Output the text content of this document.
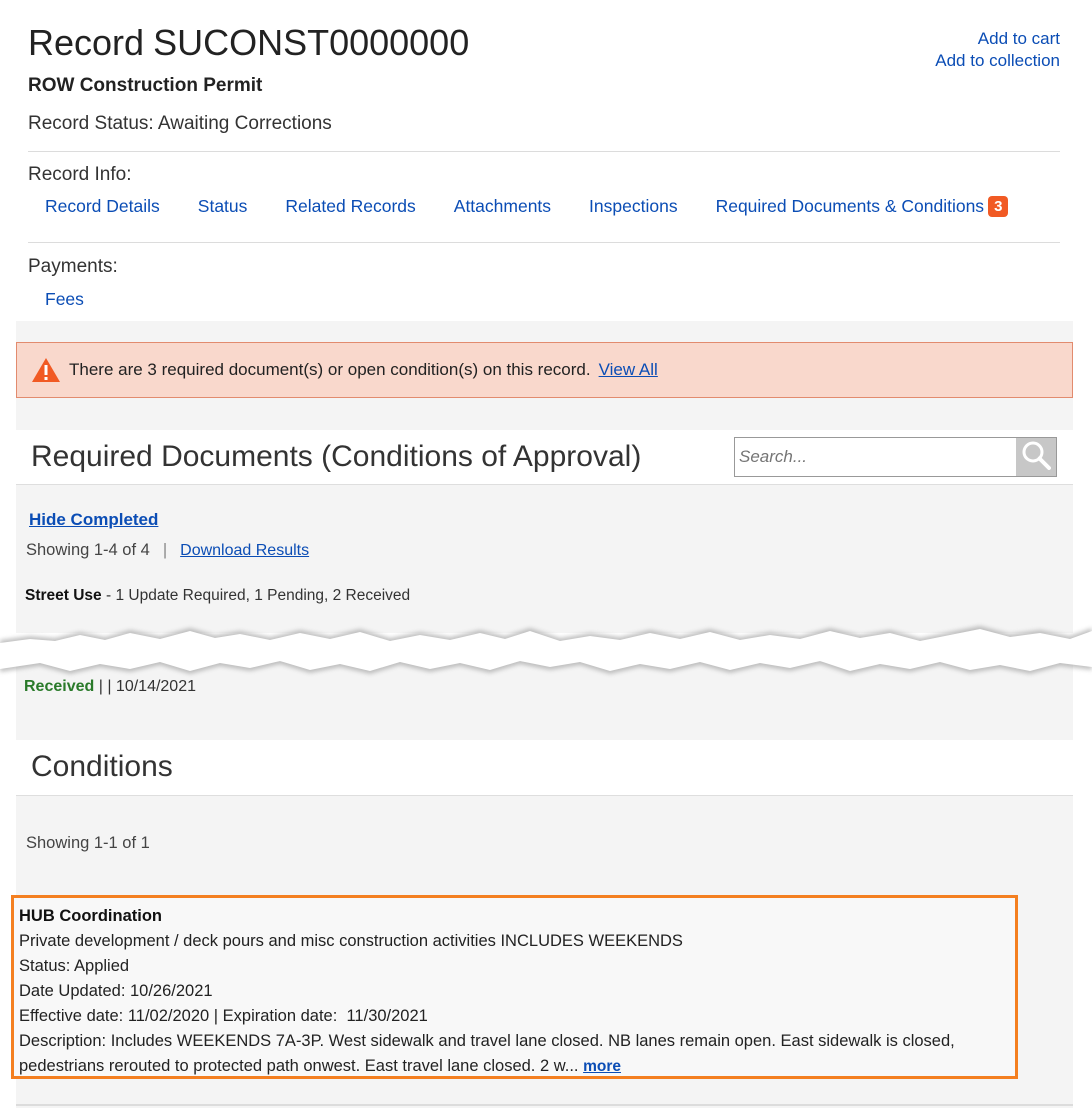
Record SUCONST0000000	Add to cart
Add to collection
ROW Construction Permit
Record Status: Awaiting Corrections
Record Info:
Record Details Status Related Records Attachments Inspections Required Documents & Conditions 3
Payments:
Fees
There are 3 required document(s) or open condition(s) on this record. View All
Required Documents (Conditions of Approval)
Search...
Hide Completed
Showing 1-4 of 4 | Download Results
Street Use - 1 Update Required, 1 Pending, 2 Received
Received | | 10/14/2021
Conditions
Showing 1-1 of 1
HUB Coordination
Private development / deck pours and misc construction activities INCLUDES WEEKENDS
Status: Applied
Date Updated: 10/26/2021
Effective date: 11/02/2020 | Expiration date:  11/30/2021
Description: Includes WEEKENDS 7A-3P. West sidewalk and travel lane closed. NB lanes remain open. East sidewalk is closed, pedestrians rerouted to protected path onwest. East travel lane closed. 2 w... more
